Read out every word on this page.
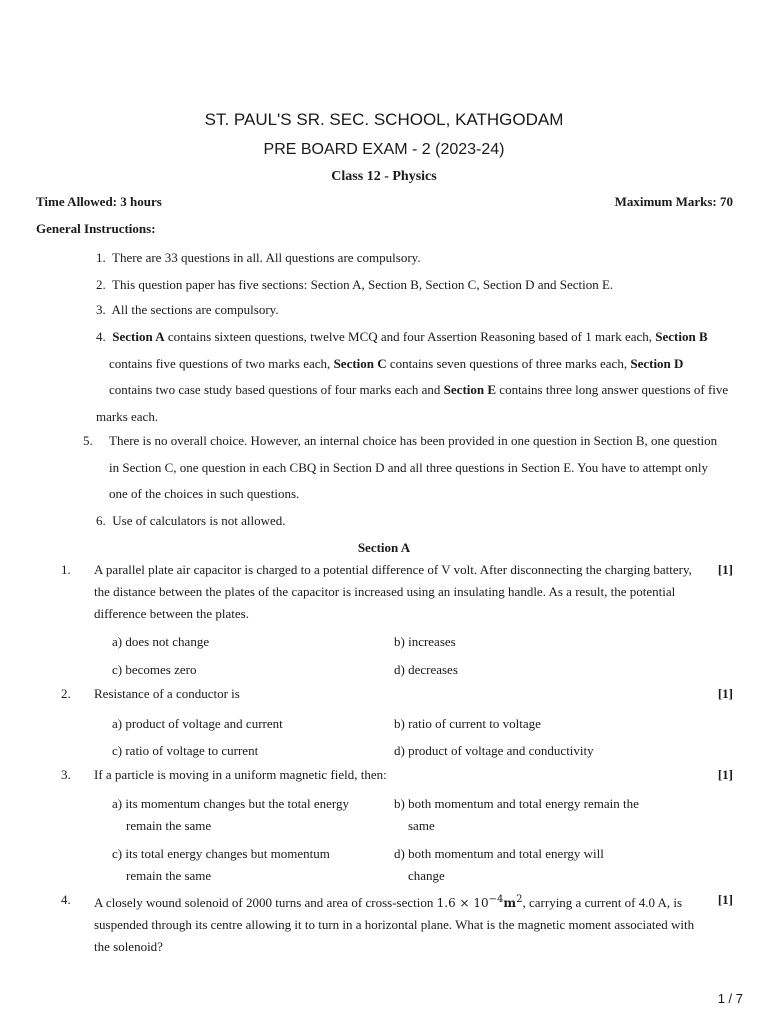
ST. PAUL'S SR. SEC. SCHOOL, KATHGODAM
PRE BOARD EXAM - 2 (2023-24)
Class 12 - Physics
Time Allowed: 3 hours	Maximum Marks: 70
General Instructions:
1. There are 33 questions in all. All questions are compulsory.
2. This question paper has five sections: Section A, Section B, Section C, Section D and Section E.
3. All the sections are compulsory.
4. Section A contains sixteen questions, twelve MCQ and four Assertion Reasoning based of 1 mark each, Section B
contains five questions of two marks each, Section C contains seven questions of three marks each, Section D
contains two case study based questions of four marks each and Section E contains three long answer questions of five marks each.
5. There is no overall choice. However, an internal choice has been provided in one question in Section B, one question in Section C, one question in each CBQ in Section D and all three questions in Section E. You have to attempt only one of the choices in such questions.
6. Use of calculators is not allowed.
Section A
1. A parallel plate air capacitor is charged to a potential difference of V volt. After disconnecting the charging battery, the distance between the plates of the capacitor is increased using an insulating handle. As a result, the potential difference between the plates.
[1]
a) does not change	b) increases
c) becomes zero	d) decreases
2. Resistance of a conductor is	[1]
a) product of voltage and current	b) ratio of current to voltage
c) ratio of voltage to current	d) product of voltage and conductivity
3. If a particle is moving in a uniform magnetic field, then:	[1]
a) its momentum changes but the total energy
remain the same
b) both momentum and total energy remain the
same
c) its total energy changes but momentum
remain the same
d) both momentum and total energy will
change
4. A closely wound solenoid of 2000 turns and area of cross-section $1.6 \times 10^{-4}m^2$, carrying a current of 4.0 A, is suspended through its centre allowing it to turn in a horizontal plane. What is the magnetic moment associated with the solenoid?
[1]
1 / 7
